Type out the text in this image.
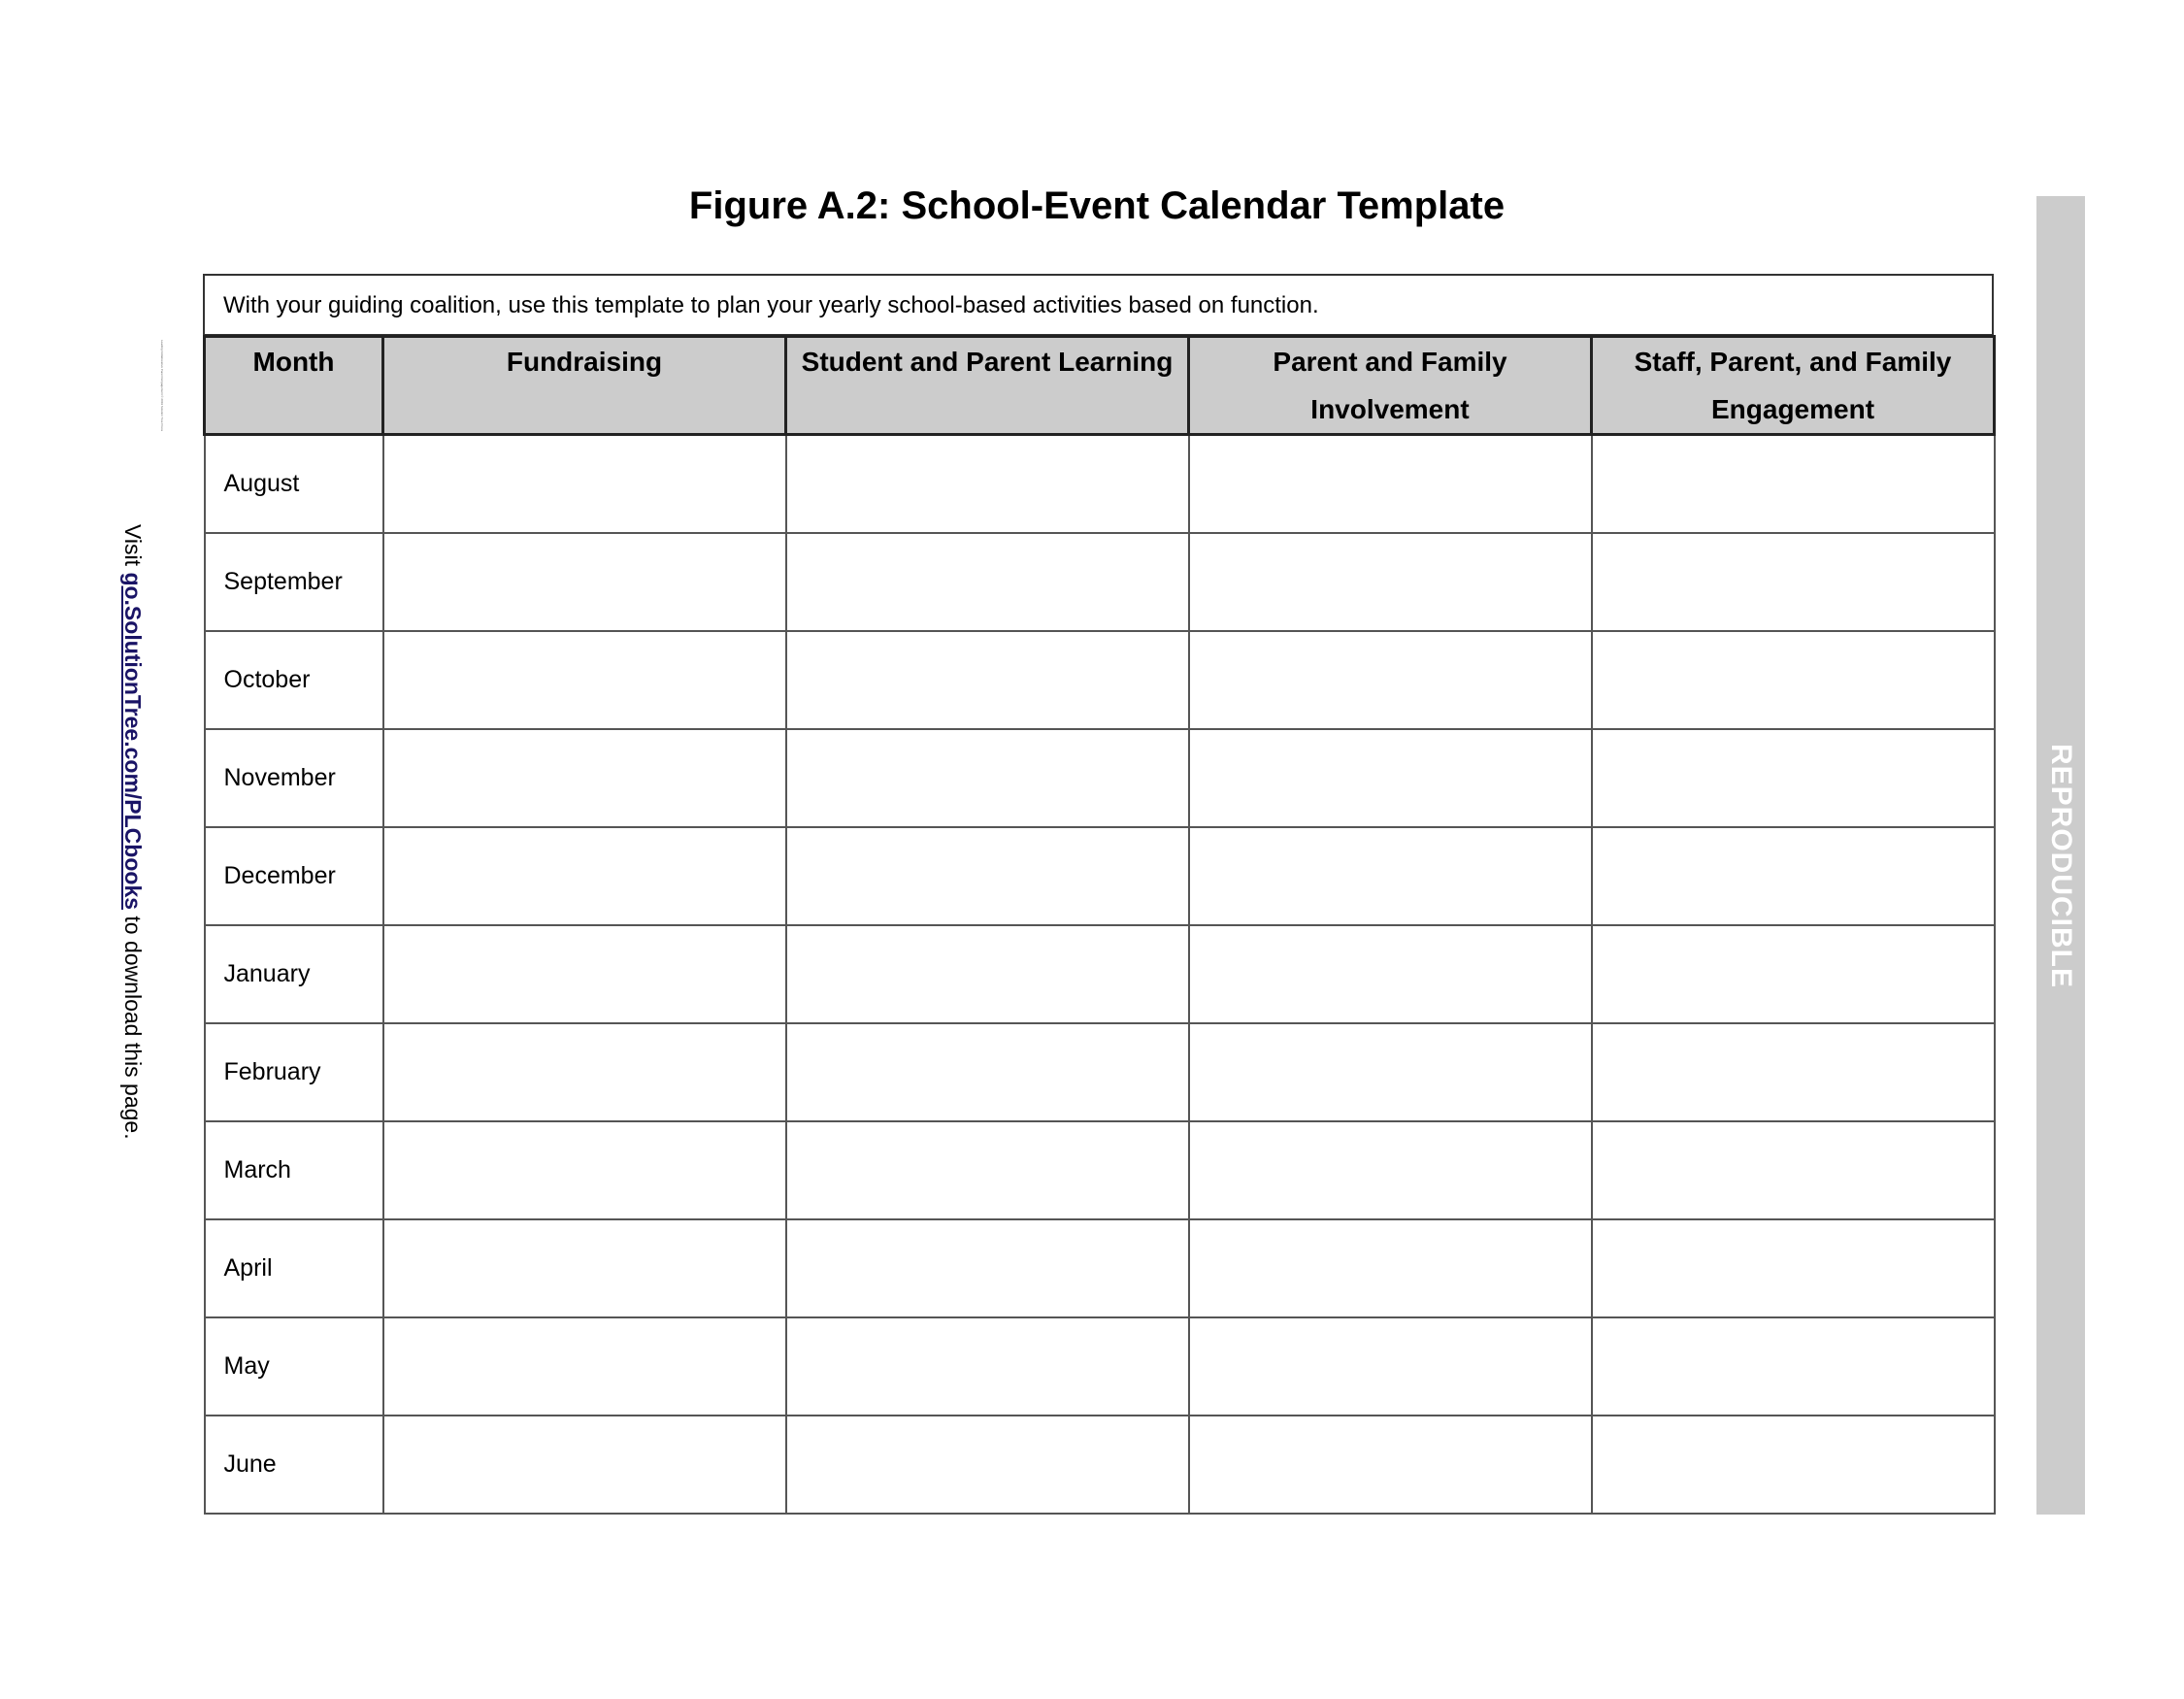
Figure A.2: School-Event Calendar Template
Visit go.SolutionTree.com/PLCbooks to download this page.
Leading Collaborative Parent Engagement © 2019 Solution Tree Press
REPRODUCIBLE
With your guiding coalition, use this template to plan your yearly school-based activities based on function.
Month	Fundraising	Student and Parent Learning	Parent and Family Involvement	Staff, Parent, and Family Engagement
August				
September				
October				
November				
December				
January				
February				
March				
April				
May				
June				
